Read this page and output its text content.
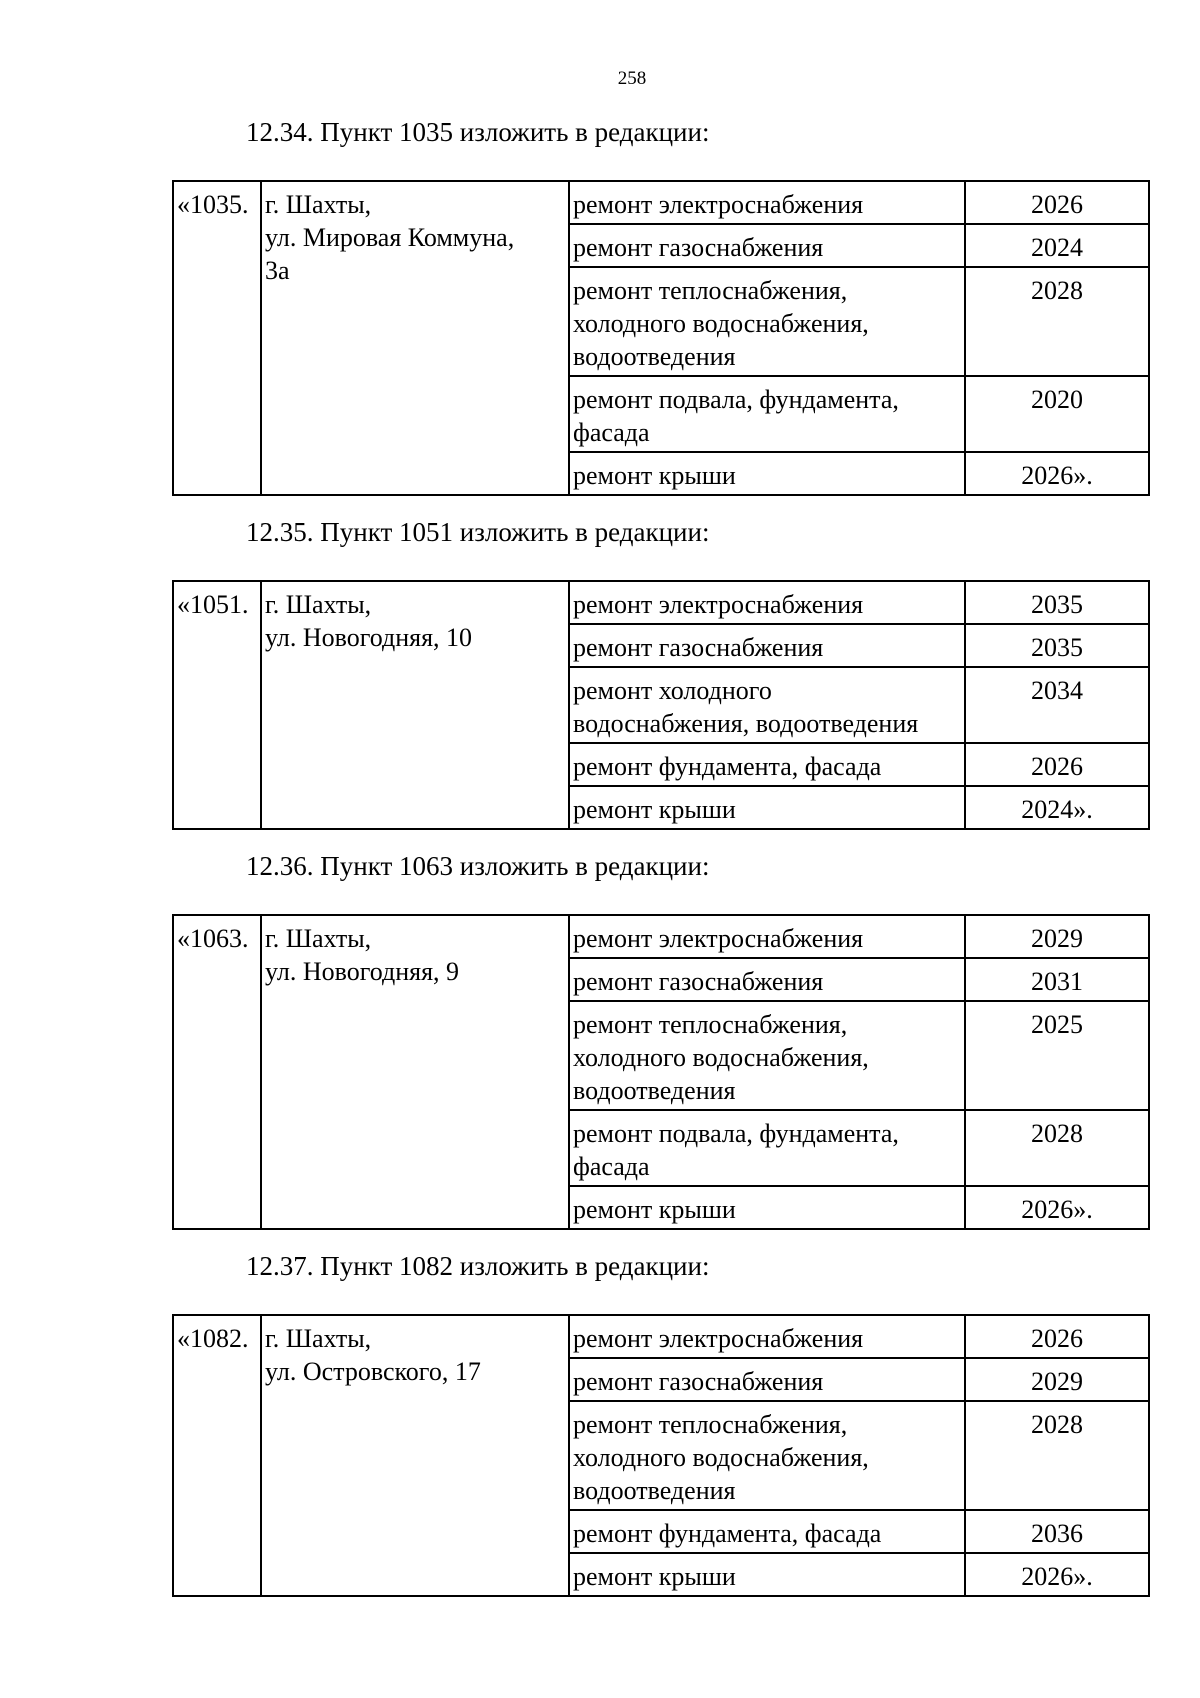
258

12.34. Пункт 1035 изложить в редакции:

«1035.	г. Шахты,
ул. Мировая Коммуна,
3а	ремонт электроснабжения	2026
		ремонт газоснабжения	2024
		ремонт теплоснабжения,
холодного водоснабжения,
водоотведения	2028
		ремонт подвала, фундамента,
фасада	2020
		ремонт крыши	2026».

12.35. Пункт 1051 изложить в редакции:

«1051.	г. Шахты,
ул. Новогодняя, 10	ремонт электроснабжения	2035
		ремонт газоснабжения	2035
		ремонт холодного
водоснабжения, водоотведения	2034
		ремонт фундамента, фасада	2026
		ремонт крыши	2024».

12.36. Пункт 1063 изложить в редакции:

«1063.	г. Шахты,
ул. Новогодняя, 9	ремонт электроснабжения	2029
		ремонт газоснабжения	2031
		ремонт теплоснабжения,
холодного водоснабжения,
водоотведения	2025
		ремонт подвала, фундамента,
фасада	2028
		ремонт крыши	2026».

12.37. Пункт 1082 изложить в редакции:

«1082.	г. Шахты,
ул. Островского, 17	ремонт электроснабжения	2026
		ремонт газоснабжения	2029
		ремонт теплоснабжения,
холодного водоснабжения,
водоотведения	2028
		ремонт фундамента, фасада	2036
		ремонт крыши	2026».
